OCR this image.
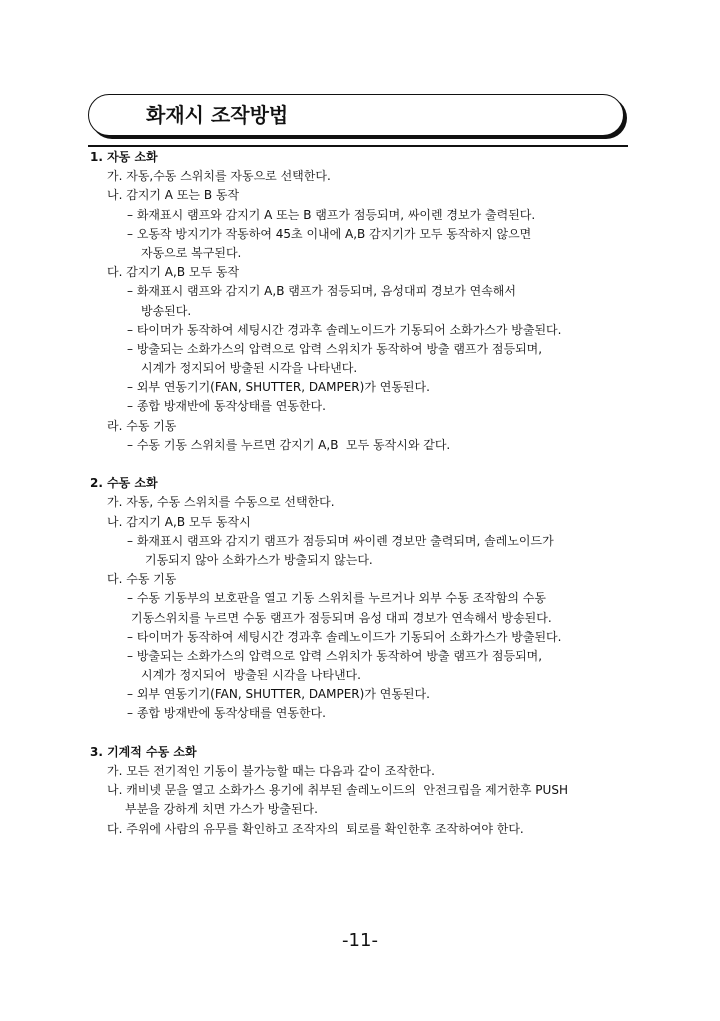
화재시 조작방법
1. 자동 소화
가. 자동,수동 스위치를 자동으로 선택한다.
나. 감지기 A 또는 B 동작
– 화재표시 램프와 감지기 A 또는 B 램프가 점등되며, 싸이렌 경보가 출력된다.
– 오동작 방지기가 작동하여 45초 이내에 A,B 감지기가 모두 동작하지 않으면
자동으로 복구된다.
다. 감지기 A,B 모두 동작
– 화재표시 램프와 감지기 A,B 램프가 점등되며, 음성대피 경보가 연속해서
방송된다.
– 타이머가 동작하여 세팅시간 경과후 솔레노이드가 기동되어 소화가스가 방출된다.
– 방출되는 소화가스의 압력으로 압력 스위치가 동작하여 방출 램프가 점등되며,
시계가 정지되어 방출된 시각을 나타낸다.
– 외부 연동기기(FAN, SHUTTER, DAMPER)가 연동된다.
– 종합 방재반에 동작상태를 연동한다.
라. 수동 기동
– 수동 기동 스위치를 누르면 감지기 A,B  모두 동작시와 같다.
2. 수동 소화
가. 자동, 수동 스위치를 수동으로 선택한다.
나. 감지기 A,B 모두 동작시
– 화재표시 램프와 감지기 램프가 점등되며 싸이렌 경보만 출력되며, 솔레노이드가
기동되지 않아 소화가스가 방출되지 않는다.
다. 수동 기동
– 수동 기동부의 보호판을 열고 기동 스위치를 누르거나 외부 수동 조작함의 수동
기동스위치를 누르면 수동 램프가 점등되며 음성 대피 경보가 연속해서 방송된다.
– 타이머가 동작하여 세팅시간 경과후 솔레노이드가 기동되어 소화가스가 방출된다.
– 방출되는 소화가스의 압력으로 압력 스위치가 동작하여 방출 램프가 점등되며,
시계가 정지되어  방출된 시각을 나타낸다.
– 외부 연동기기(FAN, SHUTTER, DAMPER)가 연동된다.
– 종합 방재반에 동작상태를 연동한다.
3. 기계적 수동 소화
가. 모든 전기적인 기동이 불가능할 때는 다음과 같이 조작한다.
나. 캐비넷 문을 열고 소화가스 용기에 취부된 솔레노이드의  안전크립을 제거한후 PUSH
부분을 강하게 치면 가스가 방출된다.
다. 주위에 사람의 유무를 확인하고 조작자의  퇴로를 확인한후 조작하여야 한다.
-11-
